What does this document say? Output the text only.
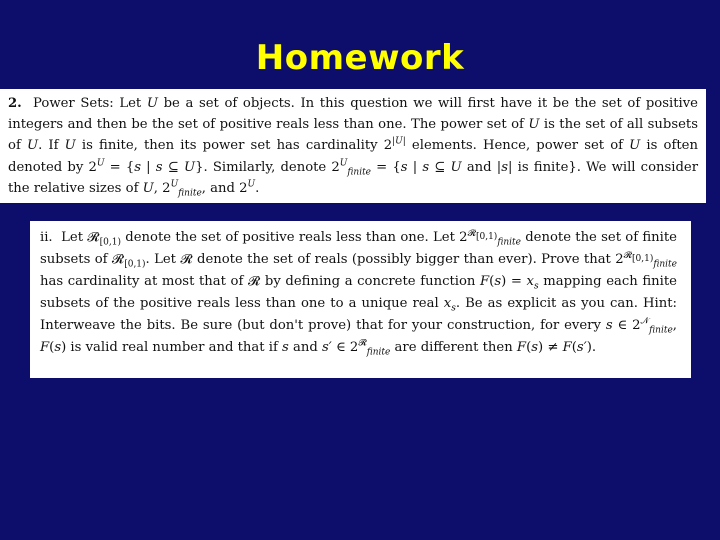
Homework

2.  Power Sets: Let U be a set of objects. In this question we will first have it be the set of positive integers and then be the set of positive reals less than one. The power set of U is the set of all subsets of U. If U is finite, then its power set has cardinality $2^{|U|}$ elements. Hence, power set of U is often denoted by $2^U = \{s$ | s ⊆ U}. Similarly, denote $2^U_{finite} = \{s$ | s ⊆ U and |s| is finite}. We will consider the relative sizes of U, $2^U_{finite}$, and $2^U$.

ii.  Let 𝓡$_{[0,1)}$ denote the set of positive reals less than one. Let $2^{𝓡_{[0,1)}}_{finite}$ denote the set of finite subsets of 𝓡$_{[0,1)}$. Let 𝓡 denote the set of reals (possibly bigger than ever). Prove that $2^{𝓡_{[0,1)}}_{finite}$ has cardinality at most that of 𝓡 by defining a concrete function $F(s) = x_s$ mapping each finite subsets of the positive reals less than one to a unique real $x_s$. Be as explicit as you can. Hint: Interweave the bits. Be sure (but don't prove) that for your construction, for every s ∈ $2^𝒩_{finite}$, F(s) is valid real number and that if s and s′ ∈ $2^𝓡_{finite}$ are different then F(s) ≠ F(s′).
